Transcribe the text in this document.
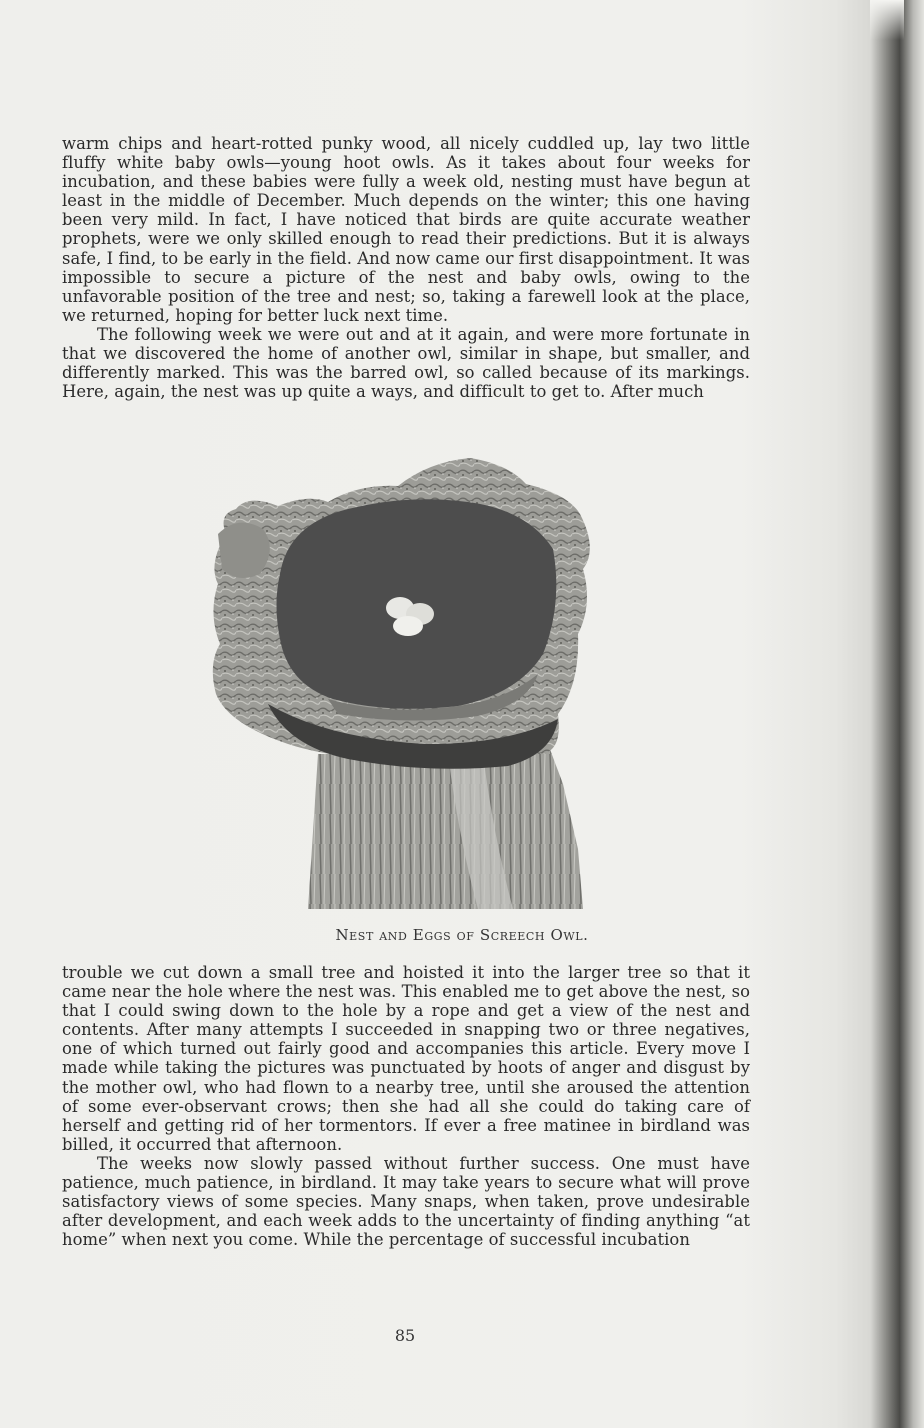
warm chips and heart-rotted punky wood, all nicely cuddled up, lay two little fluffy white baby owls—young hoot owls. As it takes about four weeks for incubation, and these babies were fully a week old, nesting must have begun at least in the middle of December. Much depends on the winter; this one having been very mild. In fact, I have noticed that birds are quite accurate weather prophets, were we only skilled enough to read their predictions. But it is always safe, I find, to be early in the field. And now came our first disappointment. It was impossible to secure a picture of the nest and baby owls, owing to the unfavorable position of the tree and nest; so, taking a farewell look at the place, we returned, hoping for better luck next time.

The following week we were out and at it again, and were more fortunate in that we discovered the home of another owl, similar in shape, but smaller, and differently marked. This was the barred owl, so called because of its markings. Here, again, the nest was up quite a ways, and difficult to get to. After much

Nest and Eggs of Screech Owl.

trouble we cut down a small tree and hoisted it into the larger tree so that it came near the hole where the nest was. This enabled me to get above the nest, so that I could swing down to the hole by a rope and get a view of the nest and contents. After many attempts I succeeded in snapping two or three negatives, one of which turned out fairly good and accompanies this article. Every move I made while taking the pictures was punctuated by hoots of anger and disgust by the mother owl, who had flown to a nearby tree, until she aroused the attention of some ever-observant crows; then she had all she could do taking care of herself and getting rid of her tormentors. If ever a free matinee in birdland was billed, it occurred that afternoon.

The weeks now slowly passed without further success. One must have patience, much patience, in birdland. It may take years to secure what will prove satisfactory views of some species. Many snaps, when taken, prove undesirable after development, and each week adds to the uncertainty of finding anything “at home” when next you come. While the percentage of successful incubation

85
